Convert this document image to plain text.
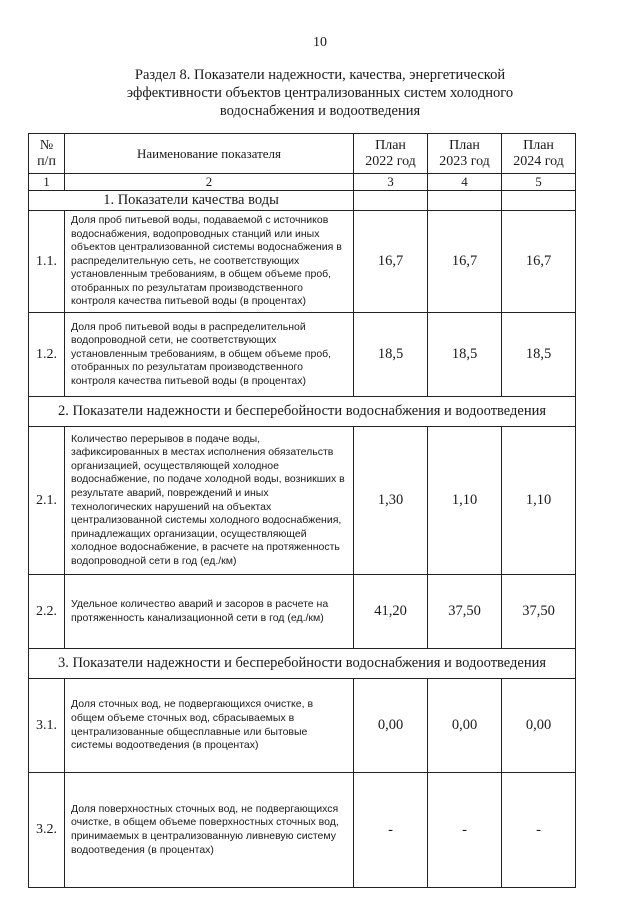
10
Раздел 8. Показатели надежности, качества, энергетической
эффективности объектов централизованных систем холодного
водоснабжения и водоотведения
№ п/п	Наименование показателя	План 2022 год	План 2023 год	План 2024 год

1	2	3	4	5
1. Показатели качества воды				
1.1.	Доля проб питьевой воды, подаваемой с источников водоснабжения, водопроводных станций или иных объектов централизованной системы водоснабжения в распределительную сеть, не соответствующих установленным требованиям, в общем объеме проб, отобранных по результатам производственного контроля качества питьевой воды (в процентах)	16,7	16,7	16,7
1.2.	Доля проб питьевой воды в распределительной водопроводной сети, не соответствующих установленным требованиям, в общем объеме проб, отобранных по результатам производственного контроля качества питьевой воды (в процентах)	18,5	18,5	18,5
2. Показатели надежности и бесперебойности водоснабжения и водоотведения				
2.1.	Количество перерывов в подаче воды, зафиксированных в местах исполнения обязательств организацией, осуществляющей холодное водоснабжение, по подаче холодной воды, возникших в результате аварий, повреждений и иных технологических нарушений на объектах централизованной системы холодного водоснабжения, принадлежащих организации, осуществляющей холодное водоснабжение, в расчете на протяженность водопроводной сети в год (ед./км)	1,30	1,10	1,10
2.2.	Удельное количество аварий и засоров в расчете на протяженность канализационной сети в год (ед./км)	41,20	37,50	37,50
3. Показатели надежности и бесперебойности водоснабжения и водоотведения				
3.1.	Доля сточных вод, не подвергающихся очистке, в общем объеме сточных вод, сбрасываемых в централизованные общесплавные или бытовые системы водоотведения (в процентах)	0,00	0,00	0,00
3.2.	Доля поверхностных сточных вод, не подвергающихся очистке, в общем объеме поверхностных сточных вод, принимаемых в централизованную ливневую систему водоотведения (в процентах)	-	-	-
